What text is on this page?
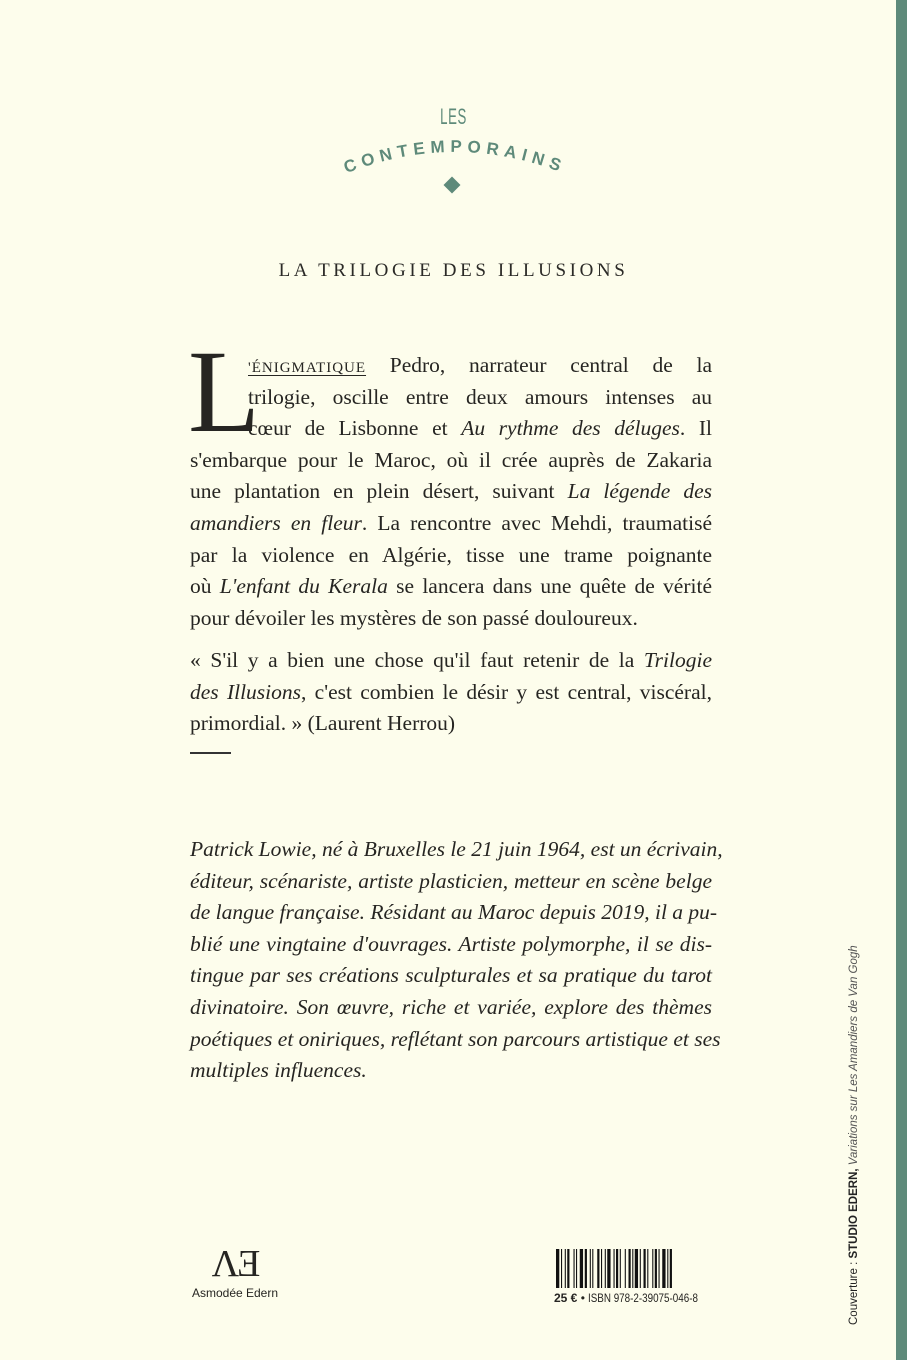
LES
CONTEMPORAINS
LA TRILOGIE DES ILLUSIONS
L
'ÉNIGMATIQUE Pedro, narrateur central de la
trilogie, oscille entre deux amours intenses au
cœur de Lisbonne et Au rythme des déluges. Il
s'embarque pour le Maroc, où il crée auprès de Zakaria
une plantation en plein désert, suivant La légende des
amandiers en fleur. La rencontre avec Mehdi, traumatisé
par la violence en Algérie, tisse une trame poignante
où L'enfant du Kerala se lancera dans une quête de vérité
pour dévoiler les mystères de son passé douloureux.
« S'il y a bien une chose qu'il faut retenir de la Trilogie
des Illusions, c'est combien le désir y est central, viscéral,
primordial. » (Laurent Herrou)
Patrick Lowie, né à Bruxelles le 21 juin 1964, est un écrivain,
éditeur, scénariste, artiste plasticien, metteur en scène belge
de langue française. Résidant au Maroc depuis 2019, il a pu-
blié une vingtaine d'ouvrages. Artiste polymorphe, il se dis-
tingue par ses créations sculpturales et sa pratique du tarot
divinatoire. Son œuvre, riche et variée, explore des thèmes
poétiques et oniriques, reflétant son parcours artistique et ses
multiples influences.
ΛƎ
Asmodée Edern	25 € • ISBN 978-2-39075-046-8	Couverture : STUDIO EDERN, Variations sur Les Amandiers de Van Gogh
